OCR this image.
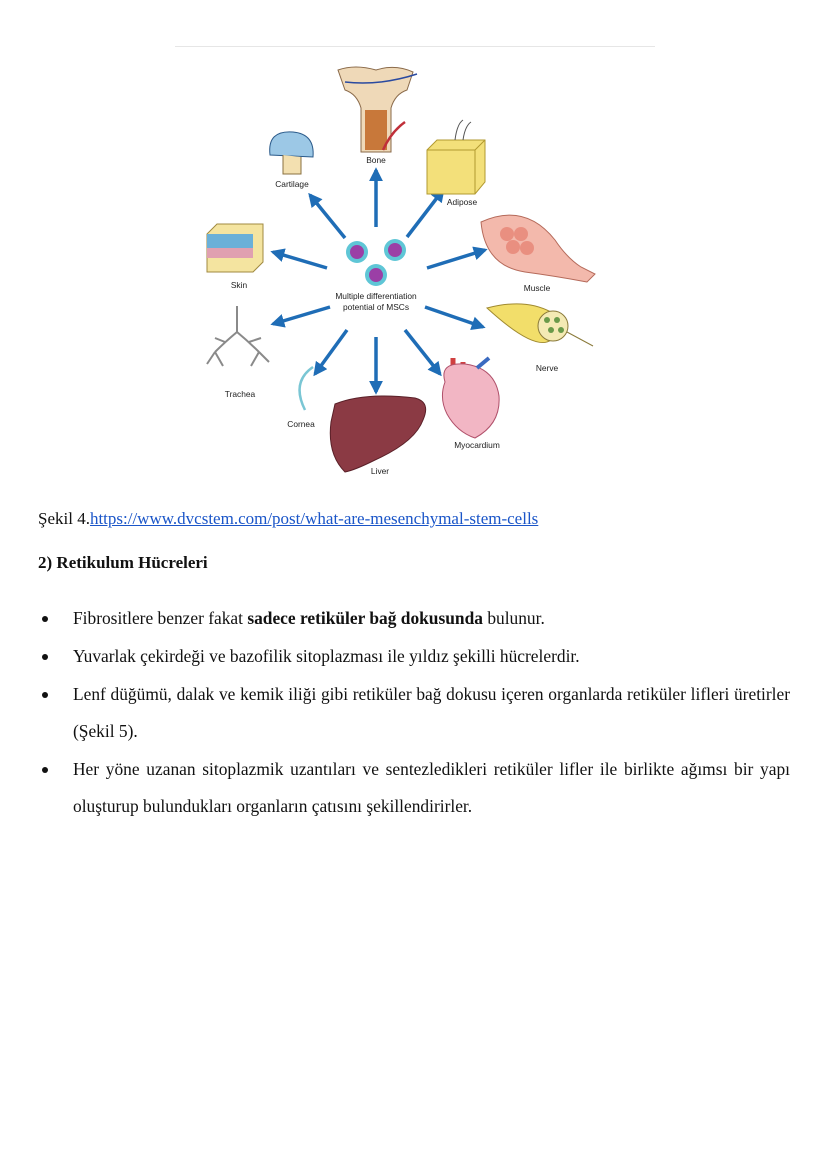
Multiple differentiation
potential of MSCs
Bone
Cartilage
Adipose
Skin	Muscle
Trachea
Cornea
Liver
Myocardium
Nerve
Şekil 4.https://www.dvcstem.com/post/what-are-mesenchymal-stem-cells
2) Retikulum Hücreleri
Fibrositlere benzer fakat sadece retiküler bağ dokusunda bulunur.
Yuvarlak çekirdeği ve bazofilik sitoplazması ile yıldız şekilli hücrelerdir.
Lenf düğümü, dalak ve kemik iliği gibi retiküler bağ dokusu içeren organlarda retiküler lifleri üretirler (Şekil 5).
Her yöne uzanan sitoplazmik uzantıları ve sentezledikleri retiküler lifler ile birlikte ağımsı bir yapı oluşturup bulundukları organların çatısını şekillendirirler.
